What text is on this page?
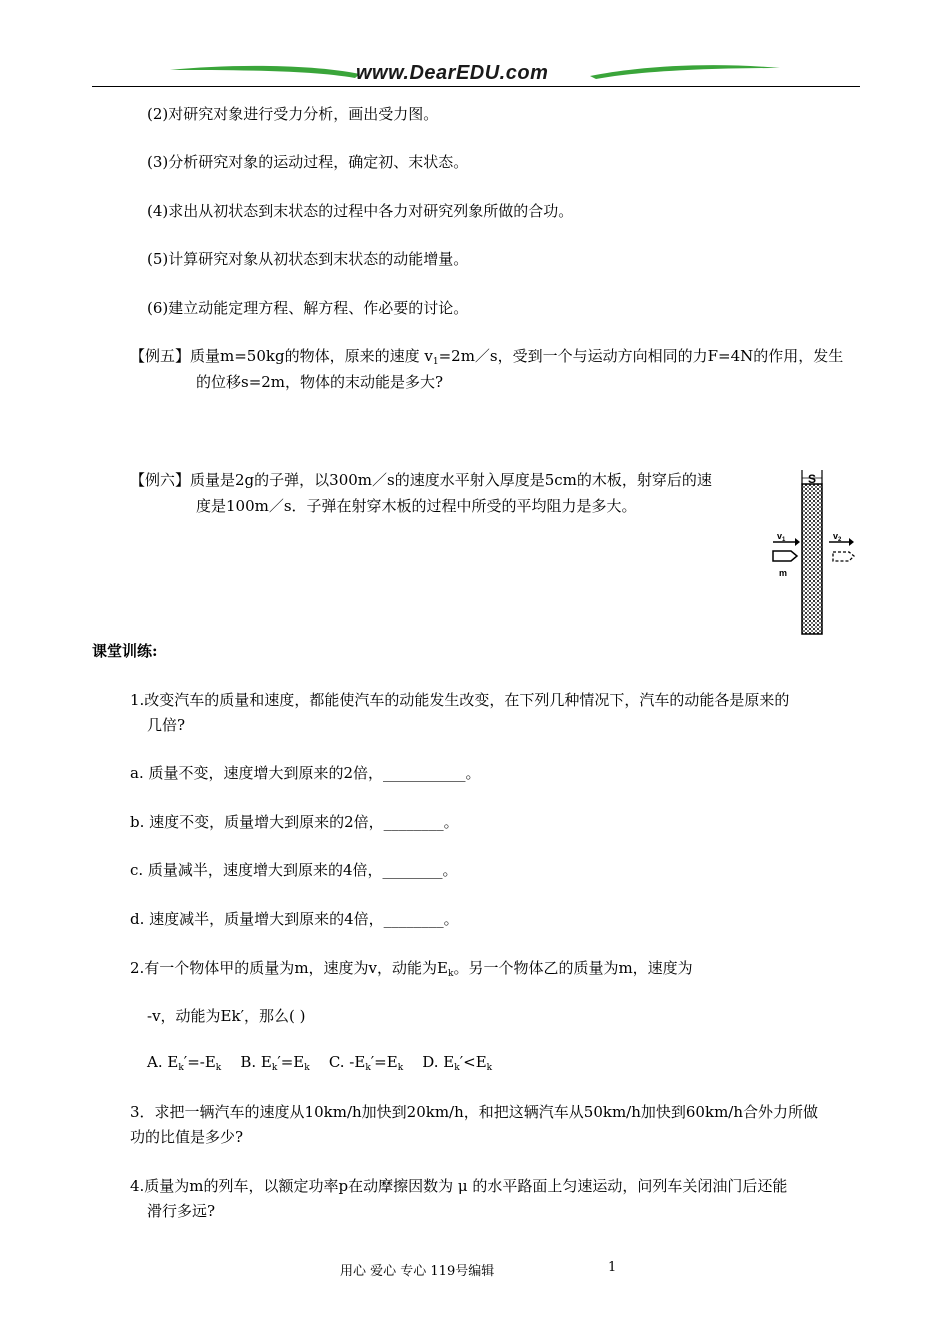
www.DearEDU.com
(2)对研究对象进行受力分析，画出受力图。
(3)分析研究对象的运动过程，确定初、末状态。
(4)求出从初状态到末状态的过程中各力对研究列象所做的合功。
(5)计算研究对象从初状态到末状态的动能增量。
(6)建立动能定理方程、解方程、作必要的讨论。
【例五】质量m=50kg的物体，原来的速度 $v_1=2m/s$，受到一个与运动方向相同的力F=4N的作用，发生
的位移s=2m，物体的末动能是多大?
【例六】质量是2g的子弹，以300m／s的速度水平射入厚度是5cm的木板，射穿后的速
度是100m／s．子弹在射穿木板的过程中所受的平均阻力是多大。
S
$v_1$
m
$v_2$
课堂训练:
1.改变汽车的质量和速度，都能使汽车的动能发生改变，在下列几种情况下，汽车的动能各是原来的
几倍?
a. 质量不变，速度增大到原来的2倍，___________。
b. 速度不变，质量增大到原来的2倍，________。
c. 质量减半，速度增大到原来的4倍，________。
d. 速度减半，质量增大到原来的4倍，________。
2.有一个物体甲的质量为m，速度为v，动能为$E_k$。另一个物体乙的质量为m，速度为
-v，动能为Ek′，那么( )
A. $E_k'=-E_k$ B. $E_k'=E_k$ C. $-E_k'=E_k$ D. $E_k'<E_k$
3．求把一辆汽车的速度从10km/h加快到20km/h，和把这辆汽车从50km/h加快到60km/h合外力所做
功的比值是多少?
4.质量为m的列车，以额定功率p在动摩擦因数为 μ 的水平路面上匀速运动，问列车关闭油门后还能
滑行多远?
用心 爱心 专心 119号编辑	1
